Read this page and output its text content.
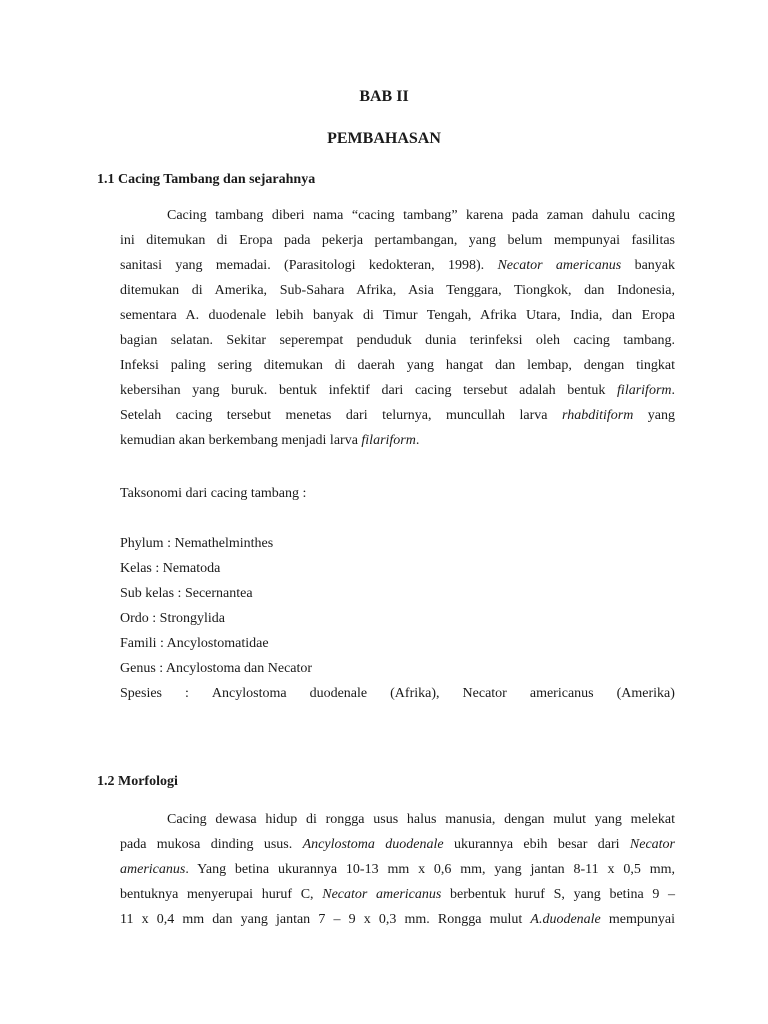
BAB II
PEMBAHASAN
1.1 Cacing Tambang dan sejarahnya
Cacing tambang diberi nama “cacing tambang” karena pada zaman dahulu cacing
ini ditemukan di Eropa pada pekerja pertambangan, yang belum mempunyai fasilitas
sanitasi yang memadai. (Parasitologi kedokteran, 1998). Necator americanus banyak
ditemukan di Amerika, Sub-Sahara Afrika, Asia Tenggara, Tiongkok, dan Indonesia,
sementara A. duodenale lebih banyak di Timur Tengah, Afrika Utara, India, dan Eropa
bagian selatan. Sekitar seperempat penduduk dunia terinfeksi oleh cacing tambang.
Infeksi paling sering ditemukan di daerah yang hangat dan lembap, dengan tingkat
kebersihan yang buruk. bentuk infektif dari cacing tersebut adalah bentuk filariform.
Setelah cacing tersebut menetas dari telurnya, muncullah larva rhabditiform yang
kemudian akan berkembang menjadi larva filariform.
Taksonomi dari cacing tambang :
Phylum : Nemathelminthes
Kelas : Nematoda
Sub kelas : Secernantea
Ordo : Strongylida
Famili : Ancylostomatidae
Genus : Ancylostoma dan Necator
Spesies : Ancylostoma duodenale (Afrika), Necator americanus (Amerika)
1.2 Morfologi
Cacing dewasa hidup di rongga usus halus manusia, dengan mulut yang melekat
pada mukosa dinding usus. Ancylostoma duodenale ukurannya ebih besar dari Necator
americanus. Yang betina ukurannya 10-13 mm x 0,6 mm, yang jantan 8-11 x 0,5 mm,
bentuknya menyerupai huruf C, Necator americanus berbentuk huruf S, yang betina 9 –
11 x 0,4 mm dan yang jantan 7 – 9 x 0,3 mm. Rongga mulut A.duodenale mempunyai
